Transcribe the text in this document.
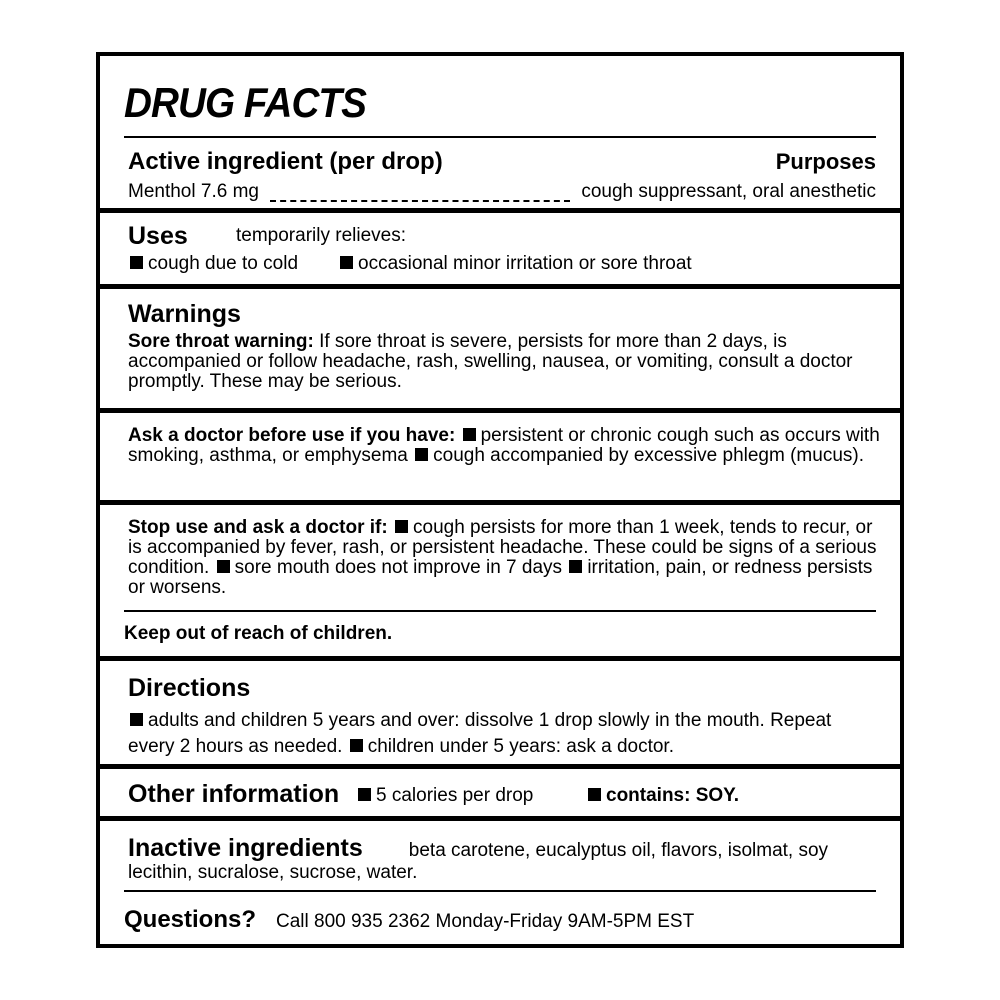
DRUG FACTS
Active ingredient (per drop)	Purposes
Menthol 7.6 mg	cough suppressant, oral anesthetic
Uses	temporarily relieves:
cough due to cold	occasional minor irritation or sore throat
Warnings
Sore throat warning: If sore throat is severe, persists for more than 2 days, is accompanied or follow headache, rash, swelling, nausea, or vomiting, consult a doctor promptly. These may be serious.
Ask a doctor before use if you have: persistent or chronic cough such as occurs with smoking, asthma, or emphysema cough accompanied by excessive phlegm (mucus).
Stop use and ask a doctor if: cough persists for more than 1 week, tends to recur, or is accompanied by fever, rash, or persistent headache. These could be signs of a serious condition. sore mouth does not improve in 7 days irritation, pain, or redness persists or worsens.
Keep out of reach of children.
Directions
adults and children 5 years and over: dissolve 1 drop slowly in the mouth. Repeat every 2 hours as needed. children under 5 years: ask a doctor.
Other information	5 calories per drop	contains: SOY.
Inactive ingredients beta carotene, eucalyptus oil, flavors, isolmat, soy lecithin, sucralose, sucrose, water.
Questions? Call 800 935 2362 Monday-Friday 9AM-5PM EST
